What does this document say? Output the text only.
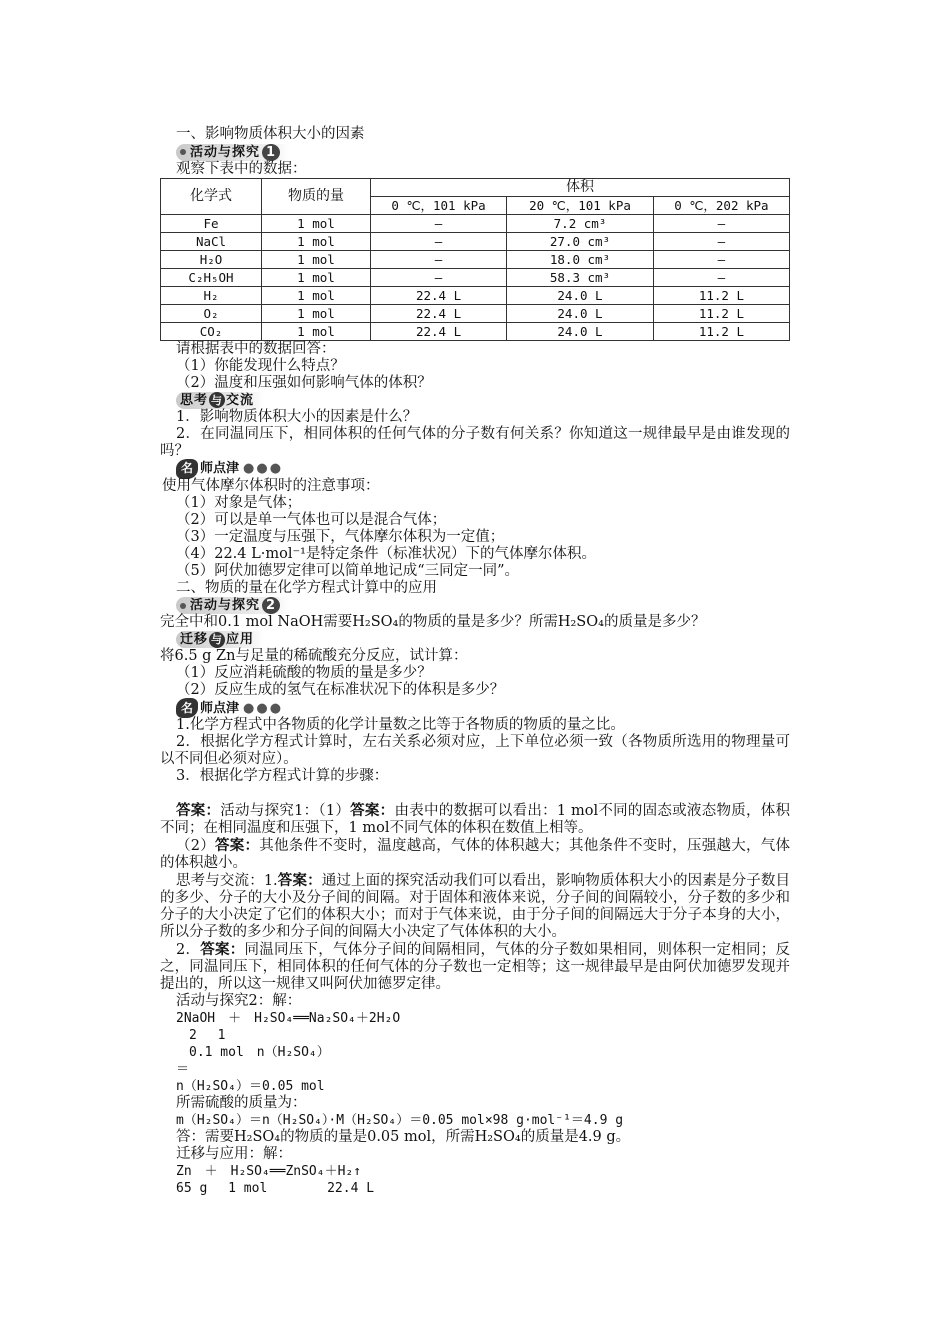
一、影响物质体积大小的因素
活动与探究 1
观察下表中的数据：
化学式	物质的量	体积		
		0 ℃，101 kPa	20 ℃，101 kPa	0 ℃，202 kPa
Fe	1 mol	—	7.2 cm³	—
NaCl	1 mol	—	27.0 cm³	—
H₂O	1 mol	—	18.0 cm³	—
C₂H₅OH	1 mol	—	58.3 cm³	—
H₂	1 mol	22.4 L	24.0 L	11.2 L
O₂	1 mol	22.4 L	24.0 L	11.2 L
CO₂	1 mol	22.4 L	24.0 L	11.2 L
请根据表中的数据回答：
（1）你能发现什么特点？
（2）温度和压强如何影响气体的体积？
思考 与 交流
1．影响物质体积大小的因素是什么？
2．在同温同压下，相同体积的任何气体的分子数有何关系？你知道这一规律最早是由谁发现的吗？
名 师点津 ●●●
使用气体摩尔体积时的注意事项：
（1）对象是气体；
（2）可以是单一气体也可以是混合气体；
（3）一定温度与压强下，气体摩尔体积为一定值；
（4）22.4 L·mol⁻¹是特定条件（标准状况）下的气体摩尔体积。
（5）阿伏加德罗定律可以简单地记成“三同定一同”。
二、物质的量在化学方程式计算中的应用
活动与探究 2
完全中和0.1 mol NaOH需要H₂SO₄的物质的量是多少？所需H₂SO₄的质量是多少？
迁移 与 应用
将6.5 g Zn与足量的稀硫酸充分反应，试计算：
（1）反应消耗硫酸的物质的量是多少？
（2）反应生成的氢气在标准状况下的体积是多少？
名 师点津 ●●●
1.化学方程式中各物质的化学计量数之比等于各物质的物质的量之比。
2．根据化学方程式计算时，左右关系必须对应，上下单位必须一致（各物质所选用的物理量可以不同但必须对应）。
3．根据化学方程式计算的步骤：
答案：活动与探究1：（1）答案：由表中的数据可以看出：1 mol不同的固态或液态物质，体积不同；在相同温度和压强下，1 mol不同气体的体积在数值上相等。
（2）答案：其他条件不变时，温度越高，气体的体积越大；其他条件不变时，压强越大，气体的体积越小。
思考与交流：1.答案：通过上面的探究活动我们可以看出，影响物质体积大小的因素是分子数目的多少、分子的大小及分子间的间隔。对于固体和液体来说，分子间的间隔较小，分子数的多少和分子的大小决定了它们的体积大小；而对于气体来说，由于分子间的间隔远大于分子本身的大小，所以分子数的多少和分子间的间隔大小决定了气体体积的大小。
2．答案：同温同压下，气体分子间的间隔相同，气体的分子数如果相同，则体积一定相同；反之，同温同压下，相同体积的任何气体的分子数也一定相等；这一规律最早是由阿伏加德罗发现并提出的，所以这一规律又叫阿伏加德罗定律。
活动与探究2：解：
2NaOH　＋　H₂SO₄══Na₂SO₄＋2H₂O
　2　 1
　0.1 mol　n（H₂SO₄）
＝
n（H₂SO₄）＝0.05 mol
所需硫酸的质量为：
m（H₂SO₄）＝n（H₂SO₄）·M（H₂SO₄）＝0.05 mol×98 g·mol⁻¹＝4.9 g
答：需要H₂SO₄的物质的量是0.05 mol，所需H₂SO₄的质量是4.9 g。
迁移与应用：解：
Zn　＋　H₂SO₄══ZnSO₄＋H₂↑
65 g　 1 mol　　　　 22.4 L
